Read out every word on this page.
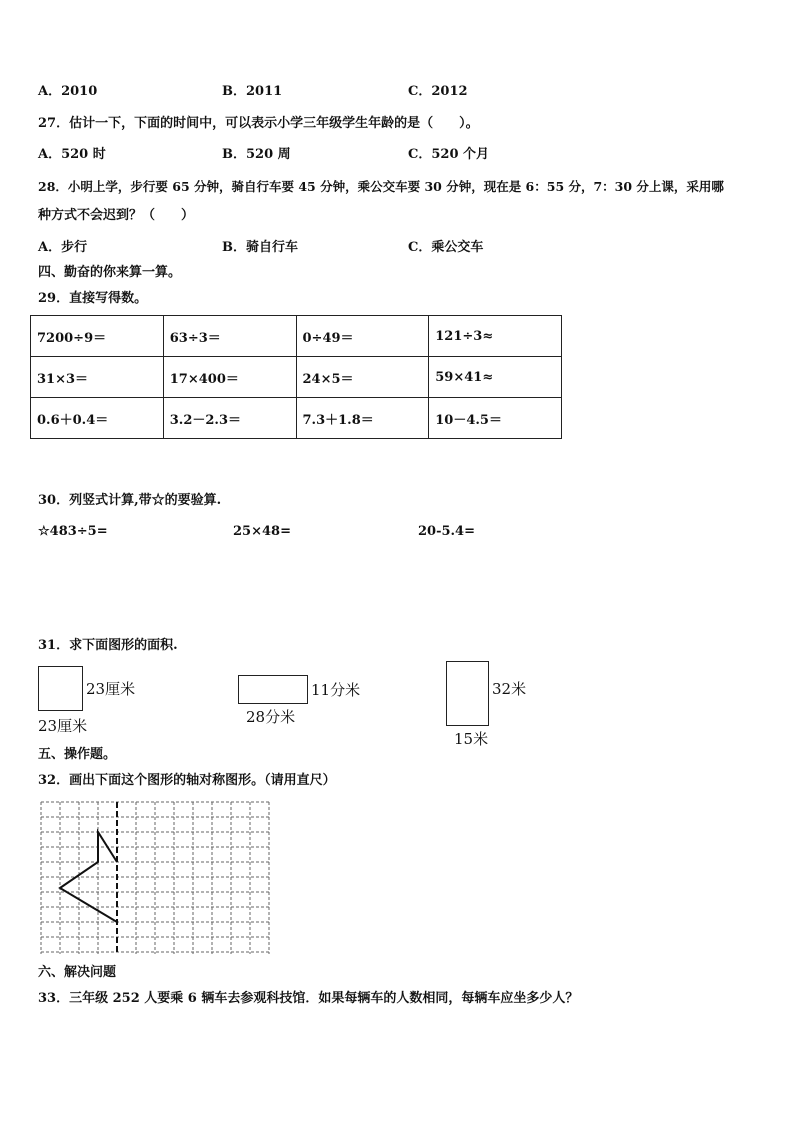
A．2010	B．2011	C．2012
27．估计一下，下面的时间中，可以表示小学三年级学生年龄的是（　　）。
A．520 时	B．520 周	C．520 个月
28．小明上学，步行要 65 分钟，骑自行车要 45 分钟，乘公交车要 30 分钟，现在是 6：55 分，7：30 分上课，采用哪
种方式不会迟到？（　　）
A．步行	B．骑自行车	C．乘公交车
四、勤奋的你来算一算。
29．直接写得数。
7200÷9＝	63÷3＝	0÷49＝	121÷3≈
31×3＝	17×400＝	24×5＝	59×41≈
0.6＋0.4＝	3.2－2.3＝	7.3＋1.8＝	10－4.5＝
30．列竖式计算,带☆的要验算.
☆483÷5=	25×48=	20-5.4=
31．求下面图形的面积.
23厘米
23厘米
11分米
28分米
32米
15米
五、操作题。
32．画出下面这个图形的轴对称图形。（请用直尺）
六、解决问题
33．三年级 252 人要乘 6 辆车去参观科技馆．如果每辆车的人数相同，每辆车应坐多少人？
